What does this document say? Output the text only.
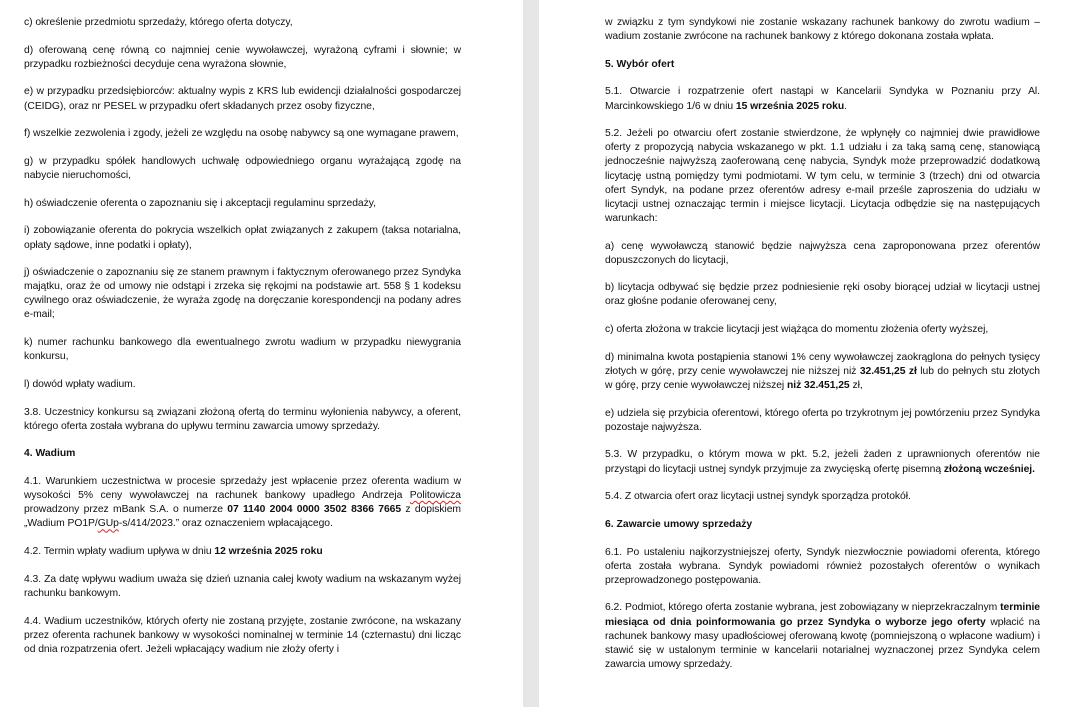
c) określenie przedmiotu sprzedaży, którego oferta dotyczy,

d) oferowaną cenę równą co najmniej cenie wywoławczej, wyrażoną cyframi i słownie; w przypadku rozbieżności decyduje cena wyrażona słownie,

e) w przypadku przedsiębiorców: aktualny wypis z KRS lub ewidencji działalności gospodarczej (CEIDG), oraz nr PESEL w przypadku ofert składanych przez osoby fizyczne,

f) wszelkie zezwolenia i zgody, jeżeli ze względu na osobę nabywcy są one wymagane prawem,

g) w przypadku spółek handlowych uchwałę odpowiedniego organu wyrażającą zgodę na nabycie nieruchomości,

h) oświadczenie oferenta o zapoznaniu się i akceptacji regulaminu sprzedaży,

i) zobowiązanie oferenta do pokrycia wszelkich opłat związanych z zakupem (taksa notarialna, opłaty sądowe, inne podatki i opłaty),

j) oświadczenie o zapoznaniu się ze stanem prawnym i faktycznym oferowanego przez Syndyka majątku, oraz że od umowy nie odstąpi i zrzeka się rękojmi na podstawie art. 558 § 1 kodeksu cywilnego oraz oświadczenie, że wyraża zgodę na doręczanie korespondencji na podany adres e-mail;

k) numer rachunku bankowego dla ewentualnego zwrotu wadium w przypadku niewygrania konkursu,

l) dowód wpłaty wadium.

3.8. Uczestnicy konkursu są związani złożoną ofertą do terminu wyłonienia nabywcy, a oferent, którego oferta została wybrana do upływu terminu zawarcia umowy sprzedaży.

4. Wadium

4.1. Warunkiem uczestnictwa w procesie sprzedaży jest wpłacenie przez oferenta wadium w wysokości 5% ceny wywoławczej na rachunek bankowy upadłego Andrzeja Politowicza prowadzony przez mBank S.A. o numerze 07 1140 2004 0000 3502 8366 7665 z dopiskiem „Wadium PO1P/GUp-s/414/2023.” oraz oznaczeniem wpłacającego.

4.2. Termin wpłaty wadium upływa w dniu 12 września 2025 roku

4.3. Za datę wpływu wadium uważa się dzień uznania całej kwoty wadium na wskazanym wyżej rachunku bankowym.

4.4. Wadium uczestników, których oferty nie zostaną przyjęte, zostanie zwrócone, na wskazany przez oferenta rachunek bankowy w wysokości nominalnej w terminie 14 (czternastu) dni licząc od dnia rozpatrzenia ofert. Jeżeli wpłacający wadium nie złoży oferty i

w związku z tym syndykowi nie zostanie wskazany rachunek bankowy do zwrotu wadium – wadium zostanie zwrócone na rachunek bankowy z którego dokonana została wpłata.

5. Wybór ofert

5.1. Otwarcie i rozpatrzenie ofert nastąpi w Kancelarii Syndyka w Poznaniu przy Al. Marcinkowskiego 1/6 w dniu 15 września 2025 roku.

5.2. Jeżeli po otwarciu ofert zostanie stwierdzone, że wpłynęły co najmniej dwie prawidłowe oferty z propozycją nabycia wskazanego w pkt. 1.1 udziału i za taką samą cenę, stanowiącą jednocześnie najwyższą zaoferowaną cenę nabycia, Syndyk może przeprowadzić dodatkową licytację ustną pomiędzy tymi podmiotami. W tym celu, w terminie 3 (trzech) dni od otwarcia ofert Syndyk, na podane przez oferentów adresy e-mail prześle zaproszenia do udziału w licytacji ustnej oznaczając termin i miejsce licytacji. Licytacja odbędzie się na następujących warunkach:

a) cenę wywoławczą stanowić będzie najwyższa cena zaproponowana przez oferentów dopuszczonych do licytacji,

b) licytacja odbywać się będzie przez podniesienie ręki osoby biorącej udział w licytacji ustnej oraz głośne podanie oferowanej ceny,

c) oferta złożona w trakcie licytacji jest wiążąca do momentu złożenia oferty wyższej,

d) minimalna kwota postąpienia stanowi 1% ceny wywoławczej zaokrąglona do pełnych tysięcy złotych w górę, przy cenie wywoławczej nie niższej niż 32.451,25 zł lub do pełnych stu złotych w górę, przy cenie wywoławczej niższej niż 32.451,25 zł,

e) udziela się przybicia oferentowi, którego oferta po trzykrotnym jej powtórzeniu przez Syndyka pozostaje najwyższa.

5.3. W przypadku, o którym mowa w pkt. 5.2, jeżeli żaden z uprawnionych oferentów nie przystąpi do licytacji ustnej syndyk przyjmuje za zwycięską ofertę pisemną złożoną wcześniej.

5.4. Z otwarcia ofert oraz licytacji ustnej syndyk sporządza protokół.

6. Zawarcie umowy sprzedaży

6.1. Po ustaleniu najkorzystniejszej oferty, Syndyk niezwłocznie powiadomi oferenta, którego oferta została wybrana. Syndyk powiadomi również pozostałych oferentów o wynikach przeprowadzonego postępowania.

6.2. Podmiot, którego oferta zostanie wybrana, jest zobowiązany w nieprzekraczalnym terminie miesiąca od dnia poinformowania go przez Syndyka o wyborze jego oferty wpłacić na rachunek bankowy masy upadłościowej oferowaną kwotę (pomniejszoną o wpłacone wadium) i stawić się w ustalonym terminie w kancelarii notarialnej wyznaczonej przez Syndyka celem zawarcia umowy sprzedaży.
